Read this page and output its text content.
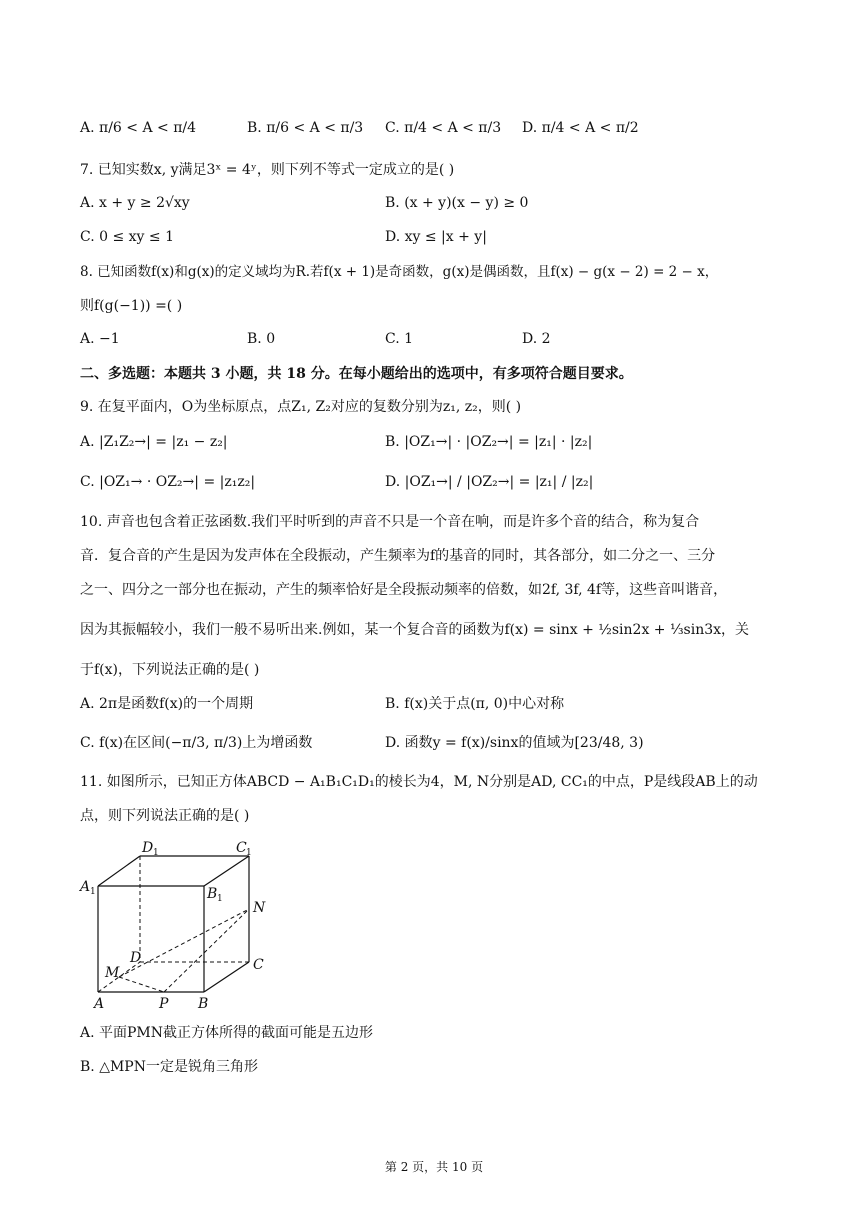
A. π/6 < A < π/4	B. π/6 < A < π/3 C. π/4 < A < π/3 D. π/4 < A < π/2
7. 已知实数x, y满足3ˣ = 4ʸ，则下列不等式一定成立的是( )
A. x + y ≥ 2√xy	B. (x + y)(x − y) ≥ 0
C. 0 ≤ xy ≤ 1	D. xy ≤ |x + y|
8. 已知函数f(x)和g(x)的定义域均为R.若f(x + 1)是奇函数，g(x)是偶函数，且f(x) − g(x − 2) = 2 − x，
则f(g(−1)) =( )
A. −1	B. 0	C. 1	D. 2
二、多选题：本题共 3 小题，共 18 分。在每小题给出的选项中，有多项符合题目要求。
9. 在复平面内，O为坐标原点，点Z₁, Z₂对应的复数分别为z₁, z₂，则( )
A. |Z₁Z₂→| = |z₁ − z₂|	B. |OZ₁→| · |OZ₂→| = |z₁| · |z₂|
C. |OZ₁→ · OZ₂→| = |z₁z₂|	D. |OZ₁→| / |OZ₂→| = |z₁| / |z₂|
10. 声音也包含着正弦函数.我们平时听到的声音不只是一个音在响，而是许多个音的结合，称为复合
音．复合音的产生是因为发声体在全段振动，产生频率为f的基音的同时，其各部分，如二分之一、三分
之一、四分之一部分也在振动，产生的频率恰好是全段振动频率的倍数，如2f, 3f, 4f等，这些音叫谐音，
因为其振幅较小，我们一般不易听出来.例如，某一个复合音的函数为f(x) = sinx + ½sin2x + ⅓sin3x，关
于f(x)，下列说法正确的是( )
A. 2π是函数f(x)的一个周期	B. f(x)关于点(π, 0)中心对称
C. f(x)在区间(−π/3, π/3)上为增函数	D. 函数y = f(x)/sinx的值域为[23/48, 3)
11. 如图所示，已知正方体ABCD − A₁B₁C₁D₁的棱长为4，M, N分别是AD, CC₁的中点，P是线段AB上的动
点，则下列说法正确的是( )
D 1	C 1
A 1	B 1
N
D	C
M
A	P B
A. 平面PMN截正方体所得的截面可能是五边形
B. △MPN一定是锐角三角形
第 2 页，共 10 页
